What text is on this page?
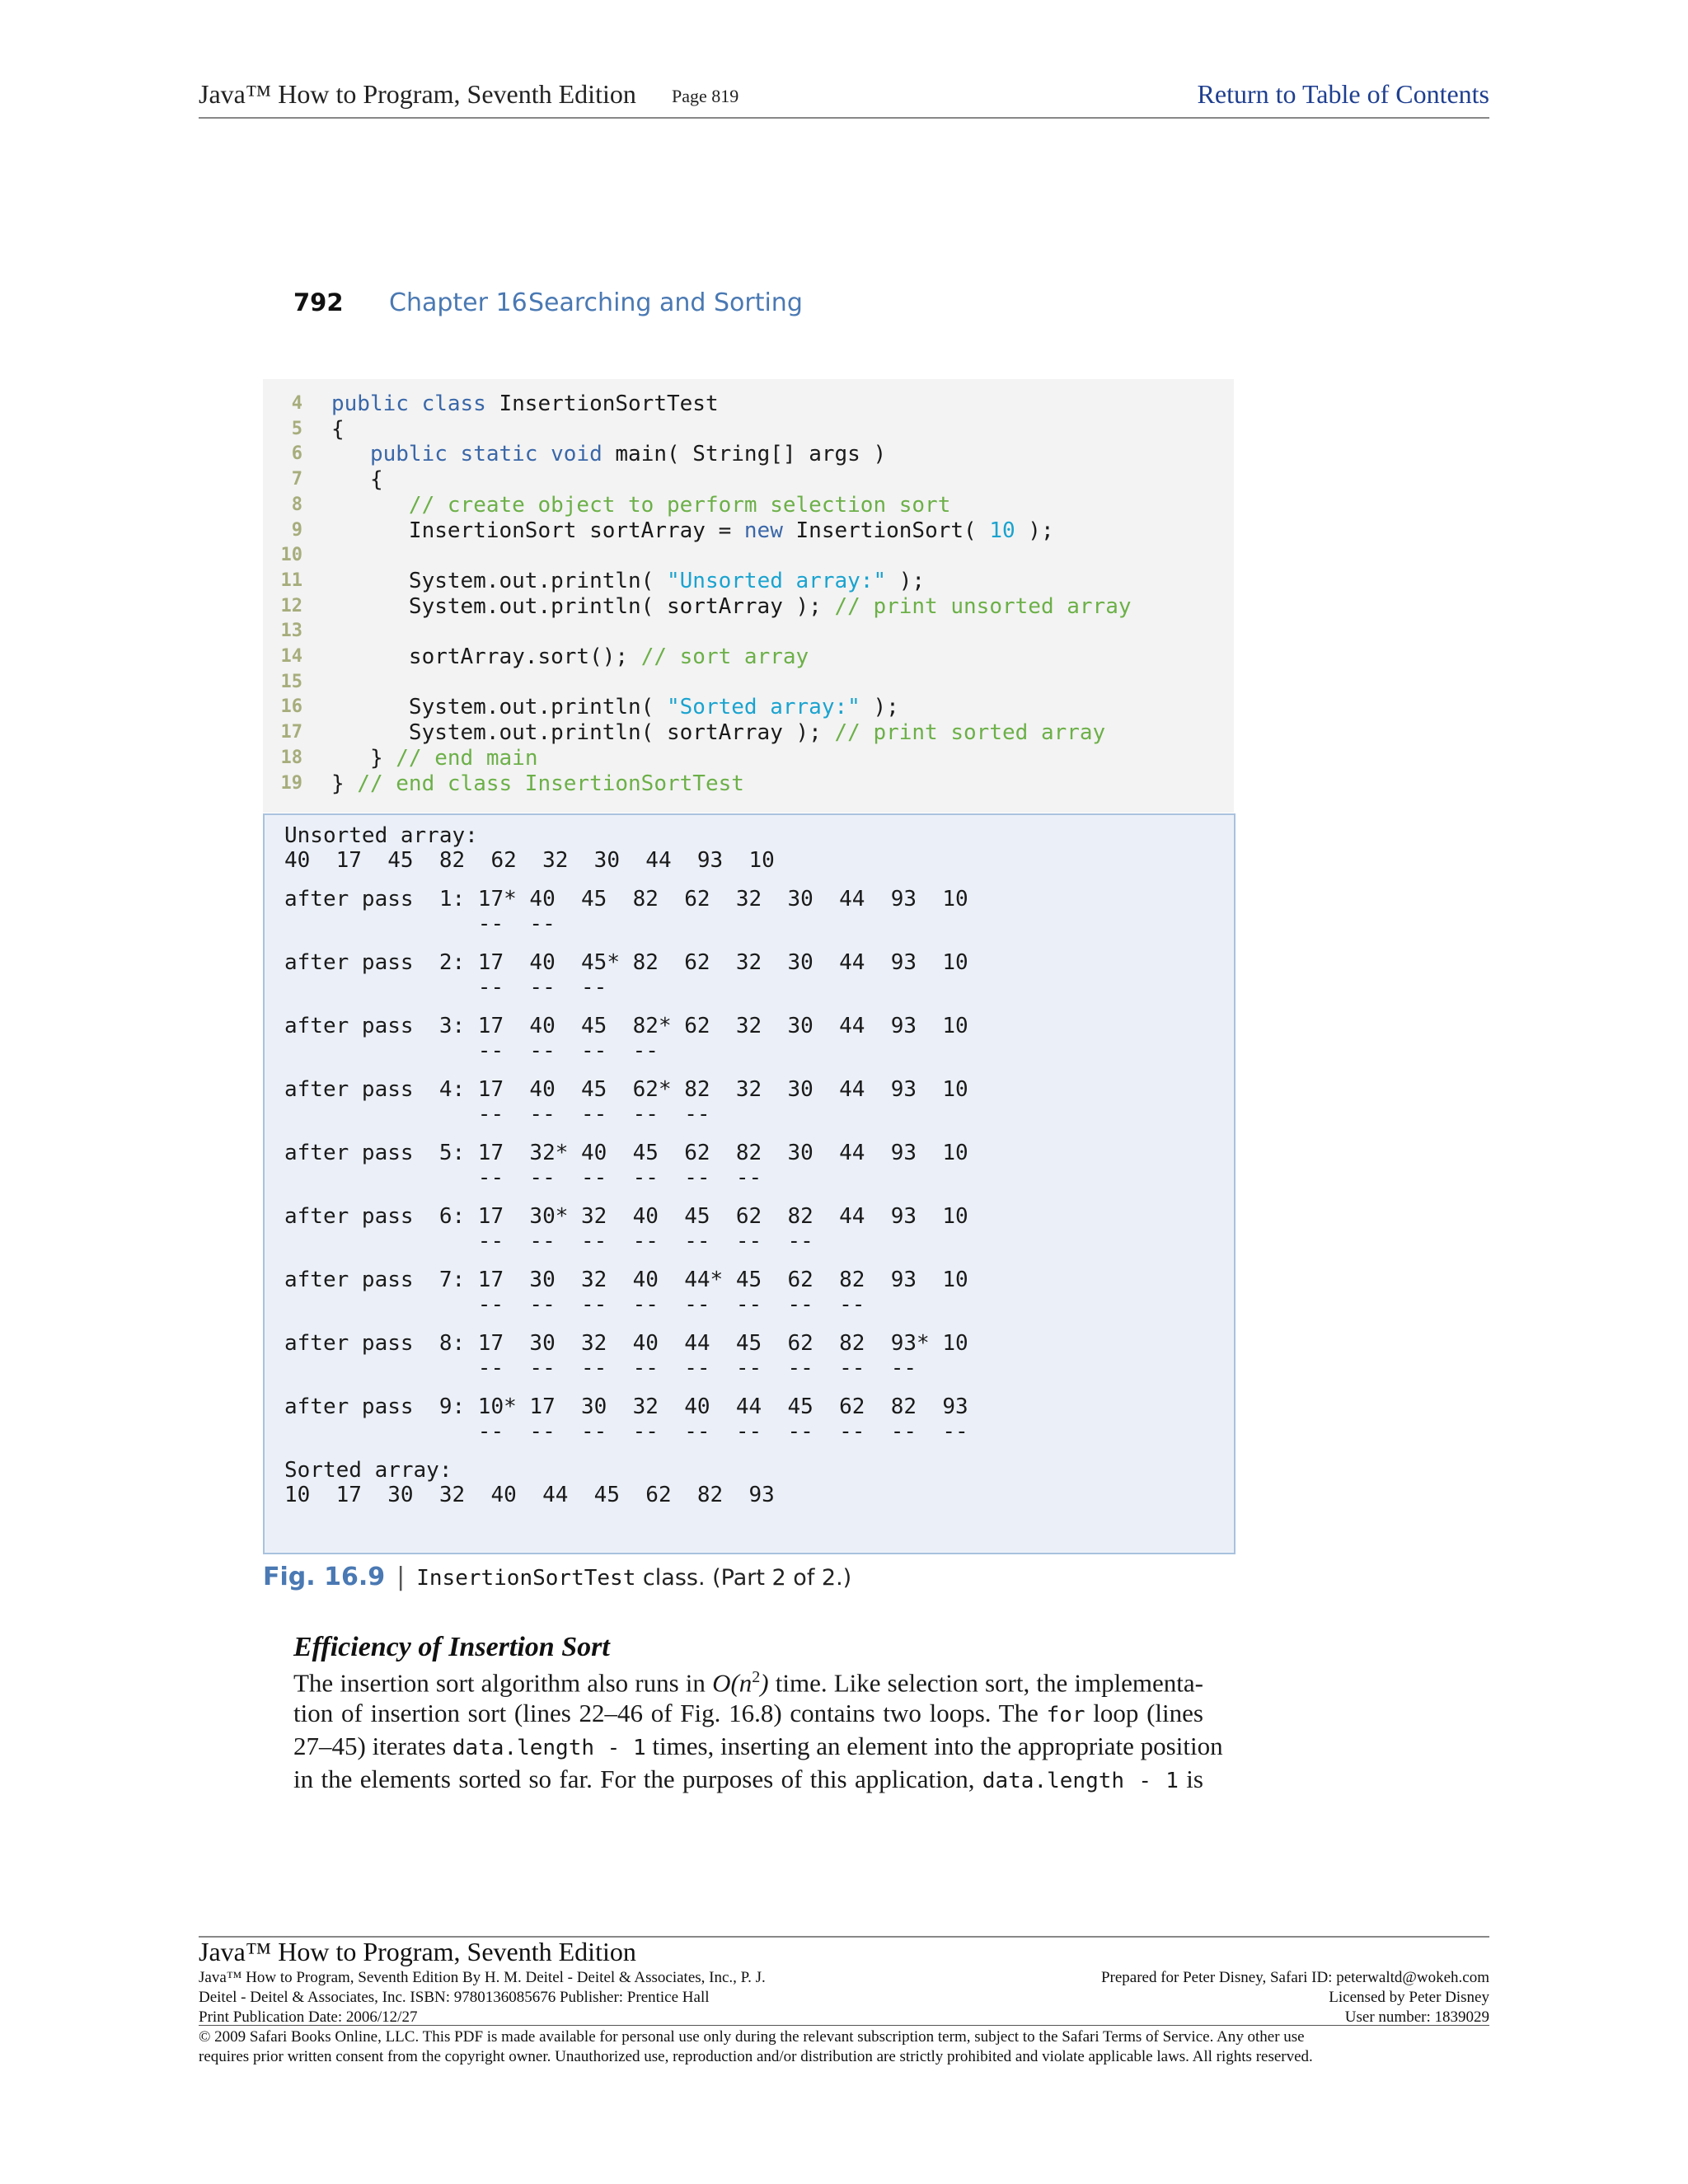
Java™ How to Program, Seventh Edition Page 819	Return to Table of Contents
792 Chapter 16 Searching and Sorting
4 public class InsertionSortTest
5 {
6	public static void main( String[] args )
7 {
8	// create object to perform selection sort
9 InsertionSort sortArray = new InsertionSort( 10 );
10
11 System.out.println( "Unsorted array:" );
12 System.out.println( sortArray ); // print unsorted array
13
14 sortArray.sort(); // sort array
15
16 System.out.println( "Sorted array:" );
17 System.out.println( sortArray ); // print sorted array
18 } // end main
19 } // end class InsertionSortTest
Unsorted array:
40  17  45  82  62  32  30  44  93  10
after pass  1: 17* 40  45  82  62  32  30  44  93  10
--  --
after pass  2: 17  40  45* 82  62  32  30  44  93  10
--  --  --
after pass  3: 17  40  45  82* 62  32  30  44  93  10
--  --  --  --
after pass  4: 17  40  45  62* 82  32  30  44  93  10
--  --  --  --  --
after pass  5: 17  32* 40  45  62  82  30  44  93  10
--  --  --  --  --  --
after pass  6: 17  30* 32  40  45  62  82  44  93  10
--  --  --  --  --  --  --
after pass  7: 17  30  32  40  44* 45  62  82  93  10
--  --  --  --  --  --  --  --
after pass  8: 17  30  32  40  44  45  62  82  93* 10
--  --  --  --  --  --  --  --  --
after pass  9: 10* 17  30  32  40  44  45  62  82  93
--  --  --  --  --  --  --  --  --  --
Sorted array:
10  17  30  32  40  44  45  62  82  93
Fig. 16.9 | InsertionSortTest class. (Part 2 of 2.)
Efficiency of Insertion Sort
The insertion sort algorithm also runs in $O(n^2)$ time. Like selection sort, the implementa-
tion of insertion sort (lines 22–46 of Fig. 16.8) contains two loops. The for loop (lines
27–45) iterates data.length - 1 times, inserting an element into the appropriate position
in the elements sorted so far. For the purposes of this application, data.length - 1 is
Java™ How to Program, Seventh Edition
Java™ How to Program, Seventh Edition By H. M. Deitel - Deitel & Associates, Inc., P. J.
Deitel - Deitel & Associates, Inc. ISBN: 9780136085676 Publisher: Prentice Hall
Print Publication Date: 2006/12/27
Prepared for Peter Disney, Safari ID: peterwaltd@wokeh.com
Licensed by Peter Disney
User number: 1839029
© 2009 Safari Books Online, LLC. This PDF is made available for personal use only during the relevant subscription term, subject to the Safari Terms of Service. Any other use
requires prior written consent from the copyright owner. Unauthorized use, reproduction and/or distribution are strictly prohibited and violate applicable laws. All rights reserved.
